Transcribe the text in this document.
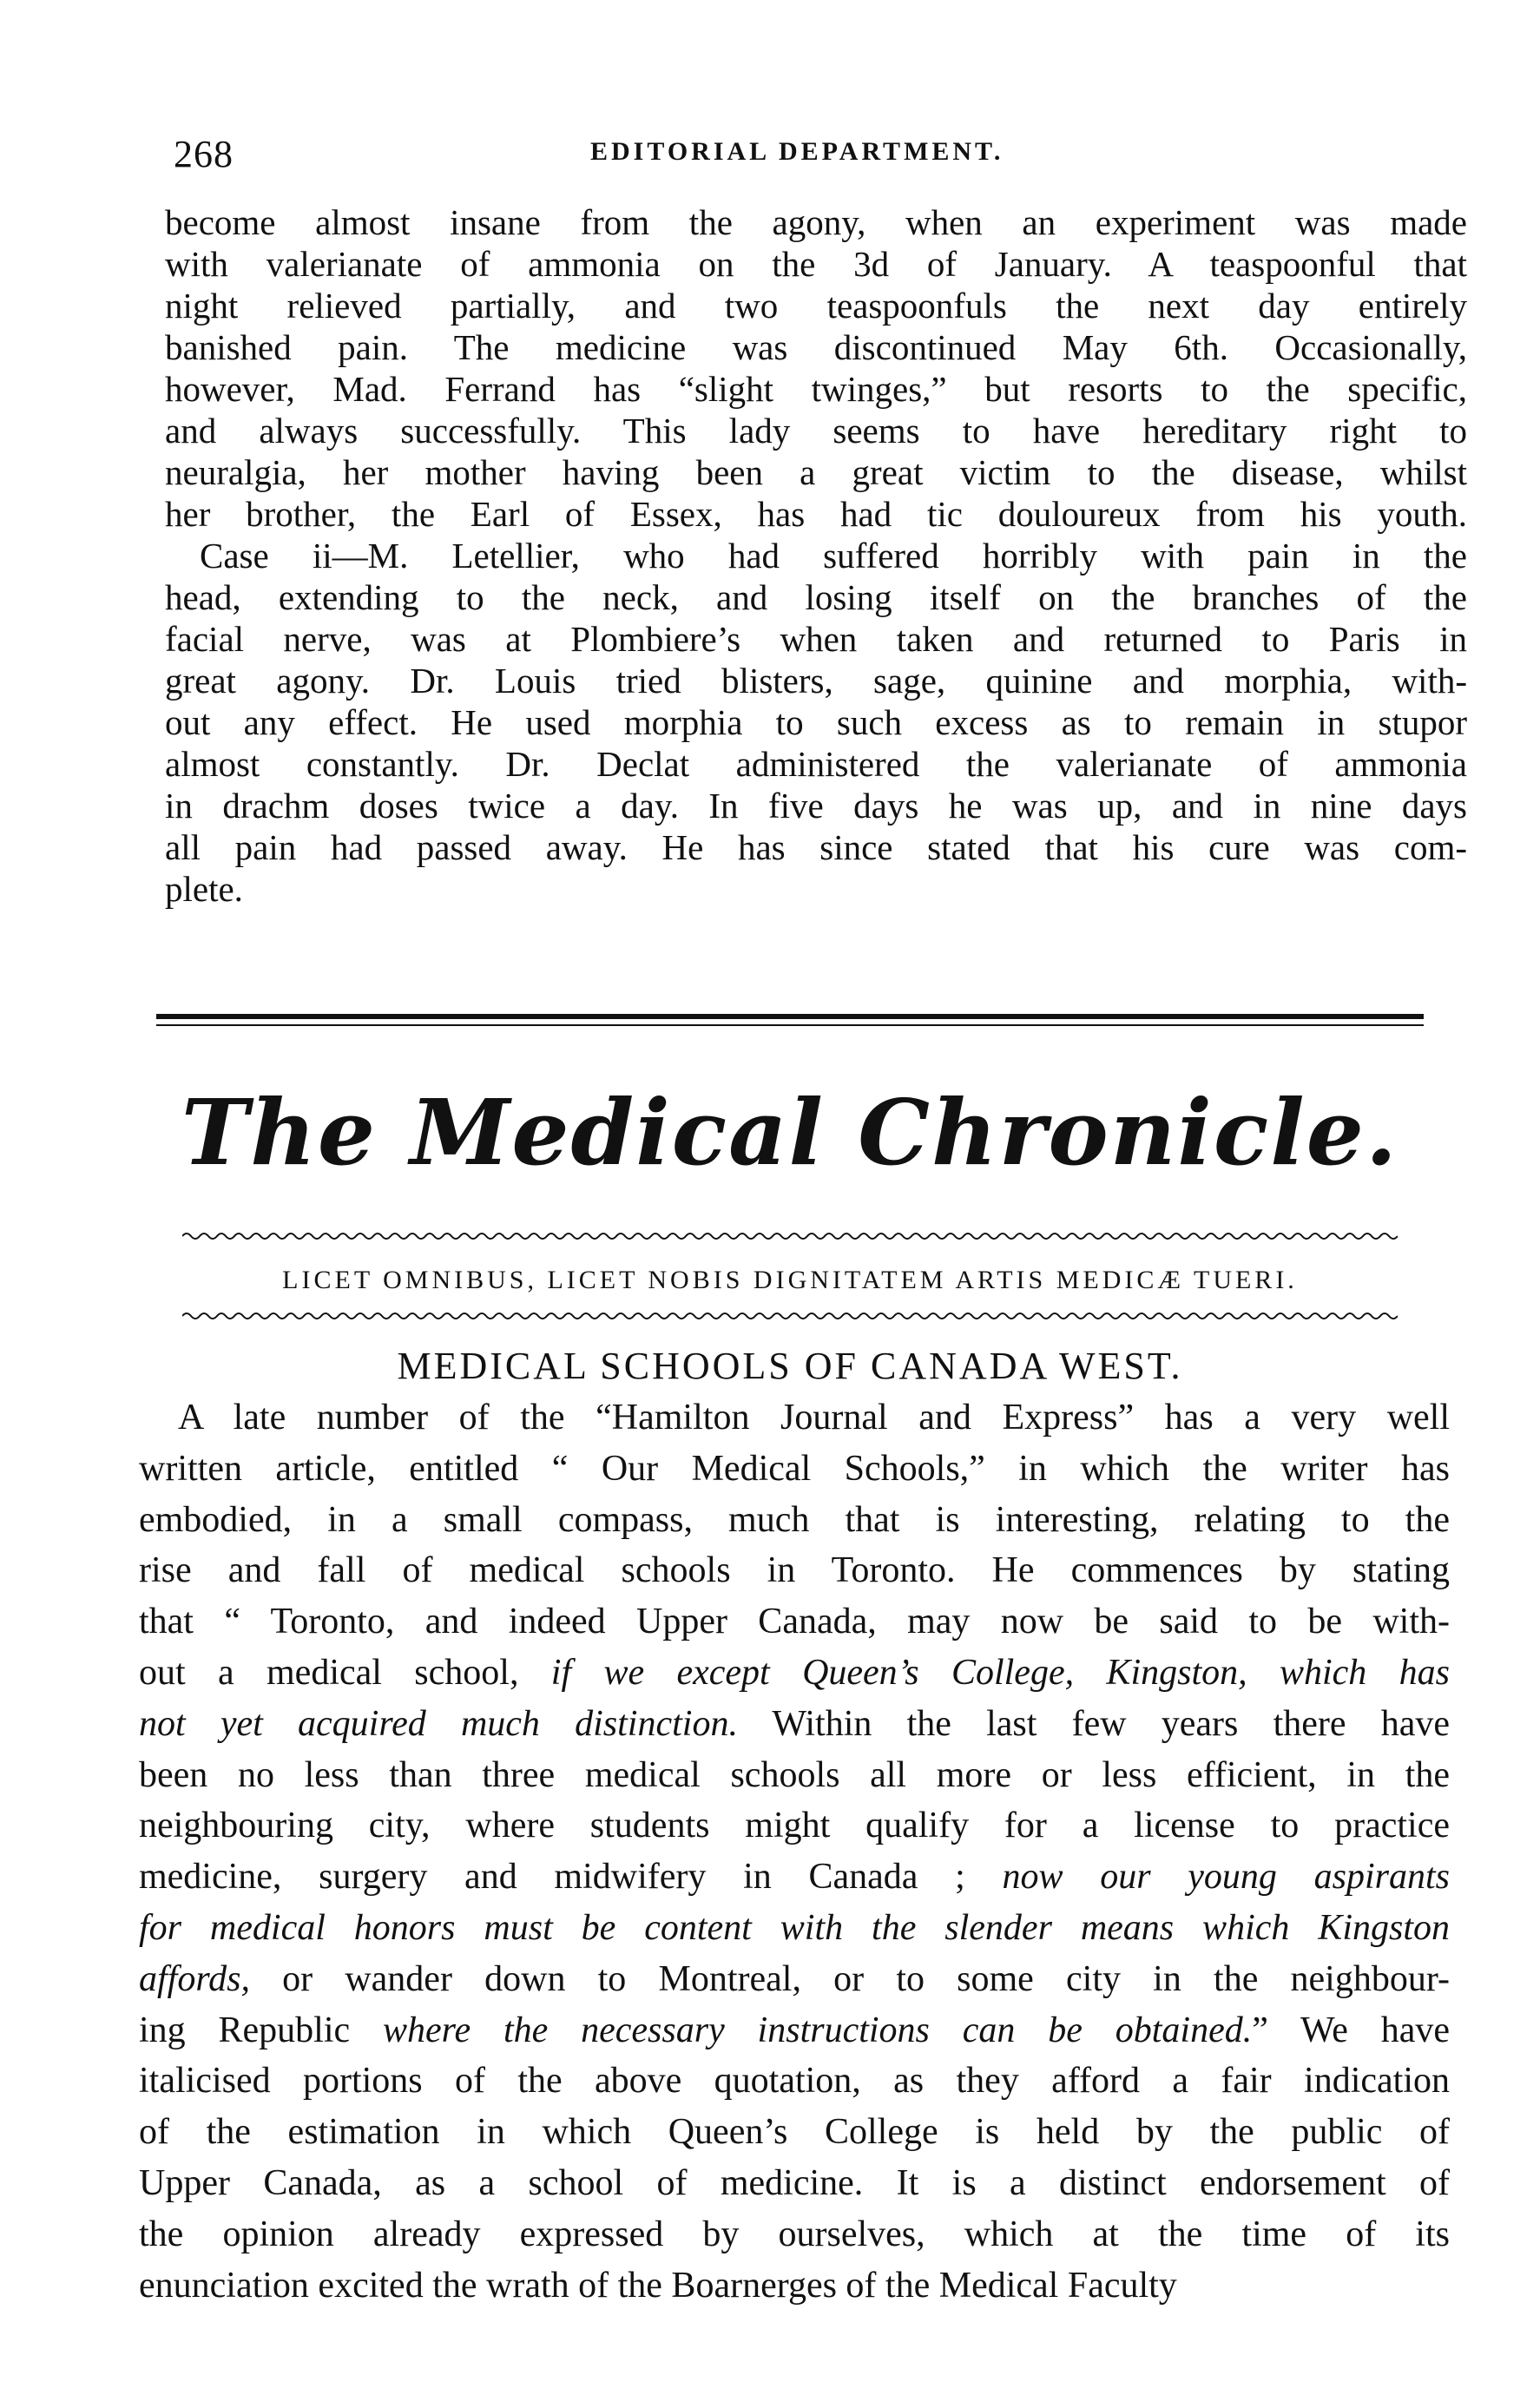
268	EDITORIAL DEPARTMENT.

become almost insane from the agony, when an experiment was made
with valerianate of ammonia on the 3d of January. A teaspoonful that
night relieved partially, and two teaspoonfuls the next day entirely
banished pain. The medicine was discontinued May 6th. Occasionally,
however, Mad. Ferrand has “slight twinges,” but resorts to the specific,
and always successfully. This lady seems to have hereditary right to
neuralgia, her mother having been a great victim to the disease, whilst
her brother, the Earl of Essex, has had tic douloureux from his youth.
Case ii—M. Letellier, who had suffered horribly with pain in the
head, extending to the neck, and losing itself on the branches of the
facial nerve, was at Plombiere’s when taken and returned to Paris in
great agony. Dr. Louis tried blisters, sage, quinine and morphia, with-
out any effect. He used morphia to such excess as to remain in stupor
almost constantly. Dr. Declat administered the valerianate of ammonia
in drachm doses twice a day. In five days he was up, and in nine days
all pain had passed away. He has since stated that his cure was com-
plete.

The Medical Chronicle.
LICET OMNIBUS, LICET NOBIS DIGNITATEM ARTIS MEDICÆ TUERI.
MEDICAL SCHOOLS OF CANADA WEST.
A late number of the “Hamilton Journal and Express” has a very well
written article, entitled “ Our Medical Schools,” in which the writer has
embodied, in a small compass, much that is interesting, relating to the
rise and fall of medical schools in Toronto. He commences by stating
that “ Toronto, and indeed Upper Canada, may now be said to be with-
out a medical school, if we except Queen’s College, Kingston, which has
not yet acquired much distinction. Within the last few years there have
been no less than three medical schools all more or less efficient, in the
neighbouring city, where students might qualify for a license to practice
medicine, surgery and midwifery in Canada ; now our young aspirants
for medical honors must be content with the slender means which Kingston
affords, or wander down to Montreal, or to some city in the neighbour-
ing Republic where the necessary instructions can be obtained.” We have
italicised portions of the above quotation, as they afford a fair indication
of the estimation in which Queen’s College is held by the public of
Upper Canada, as a school of medicine. It is a distinct endorsement of
the opinion already expressed by ourselves, which at the time of its
enunciation excited the wrath of the Boarnerges of the Medical Faculty
